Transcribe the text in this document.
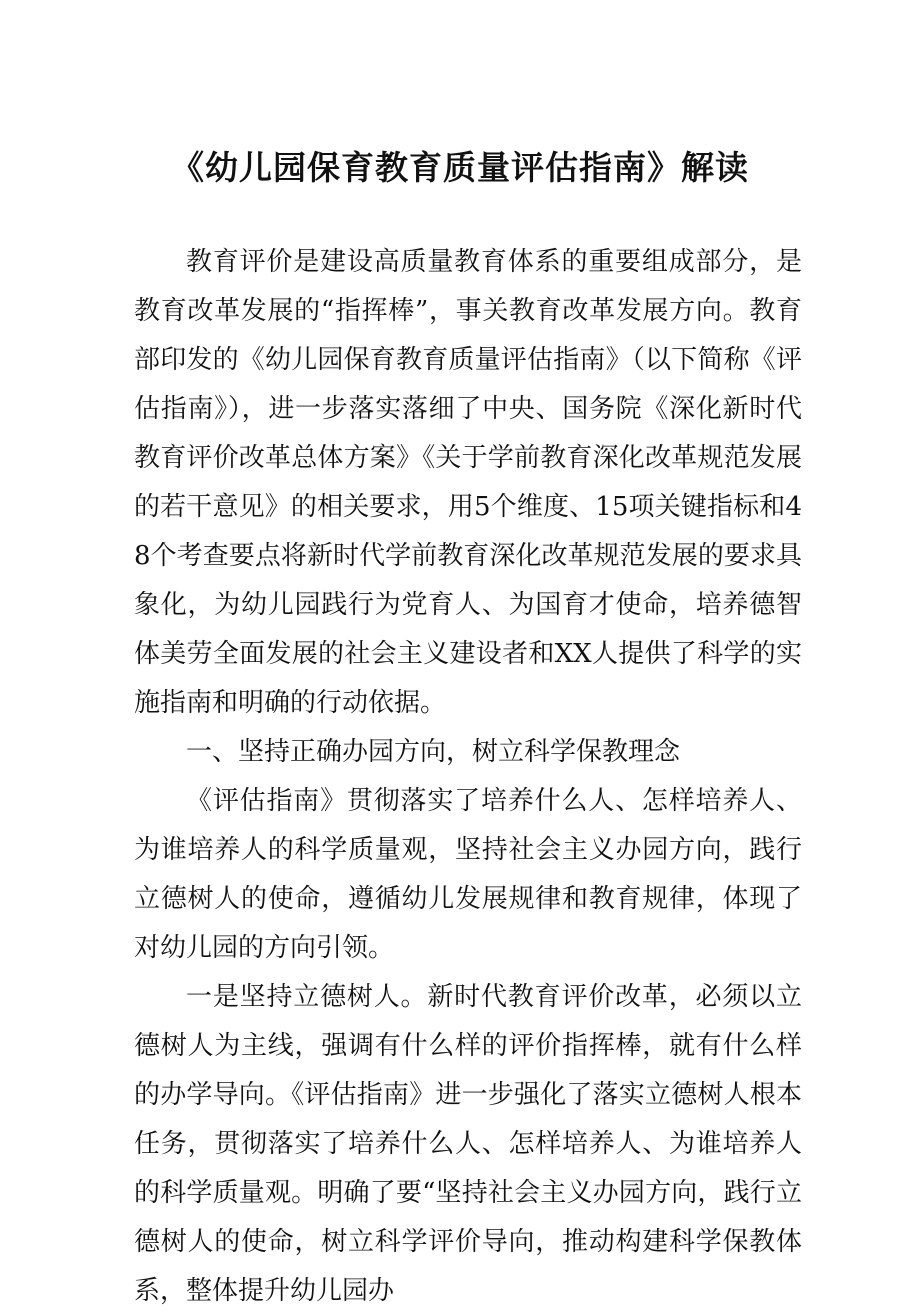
《幼儿园保育教育质量评估指南》解读

教育评价是建设高质量教育体系的重要组成部分，是教育改革发展的“指挥棒”，事关教育改革发展方向。教育部印发的《幼儿园保育教育质量评估指南》（以下简称《评估指南》），进一步落实落细了中央、国务院《深化新时代教育评价改革总体方案》《关于学前教育深化改革规范发展的若干意见》的相关要求，用5个维度、15项关键指标和48个考查要点将新时代学前教育深化改革规范发展的要求具象化，为幼儿园践行为党育人、为国育才使命，培养德智体美劳全面发展的社会主义建设者和XX人提供了科学的实施指南和明确的行动依据。

一、坚持正确办园方向，树立科学保教理念

《评估指南》贯彻落实了培养什么人、怎样培养人、为谁培养人的科学质量观，坚持社会主义办园方向，践行立德树人的使命，遵循幼儿发展规律和教育规律，体现了对幼儿园的方向引领。

一是坚持立德树人。新时代教育评价改革，必须以立德树人为主线，强调有什么样的评价指挥棒，就有什么样的办学导向。《评估指南》进一步强化了落实立德树人根本任务，贯彻落实了培养什么人、怎样培养人、为谁培养人的科学质量观。明确了要“坚持社会主义办园方向，践行立德树人的使命，树立科学评价导向，推动构建科学保教体系，整体提升幼儿园办
